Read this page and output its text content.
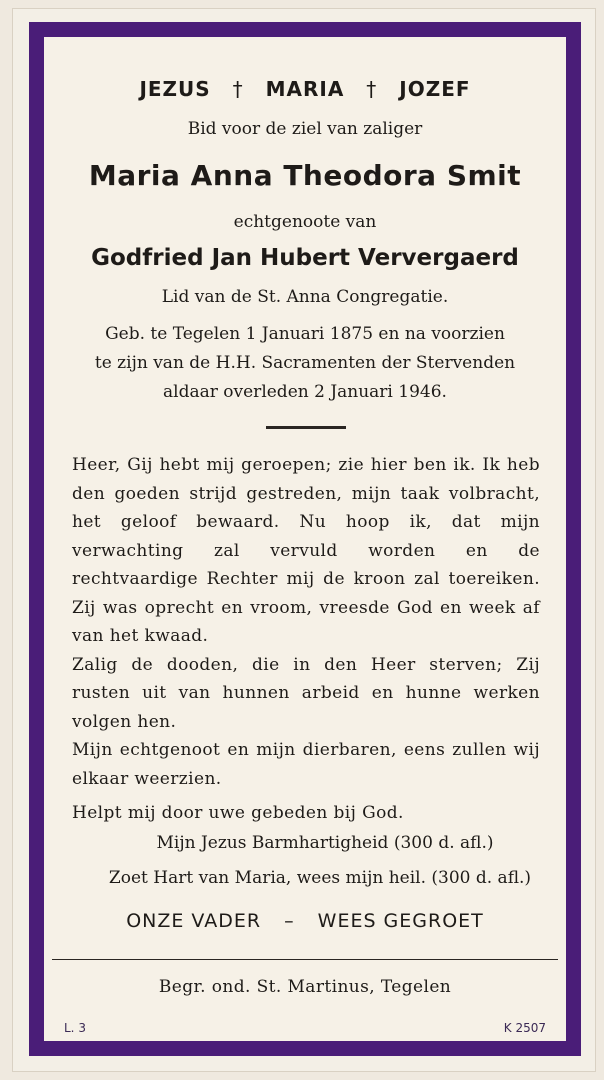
JEZUS † MARIA † JOZEF
Bid voor de ziel van zaliger
Maria Anna Theodora Smit
echtgenoote van
Godfried Jan Hubert Ververgaerd
Lid van de St. Anna Congregatie.
Geb. te Tegelen 1 Januari 1875 en na voorzien
te zijn van de H.H. Sacramenten der Stervenden
aldaar overleden 2 Januari 1946.

Heer, Gij hebt mij geroepen; zie hier ben ik. Ik heb den goeden strijd gestreden, mijn taak volbracht, het geloof bewaard. Nu hoop ik, dat mijn verwachting zal vervuld worden en de rechtvaardige Rechter mij de kroon zal toereiken. Zij was oprecht en vroom, vreesde God en week af van het kwaad.

Zalig de dooden, die in den Heer sterven; Zij rusten uit van hunnen arbeid en hunne werken volgen hen.

Mijn echtgenoot en mijn dierbaren, eens zullen wij elkaar weerzien.

Helpt mij door uwe gebeden bij God.

Mijn Jezus Barmhartigheid (300 d. afl.)
Zoet Hart van Maria, wees mijn heil. (300 d. afl.)
ONZE VADER – WEES GEGROET
Begr. ond. St. Martinus, Tegelen
L. 3	K 2507
